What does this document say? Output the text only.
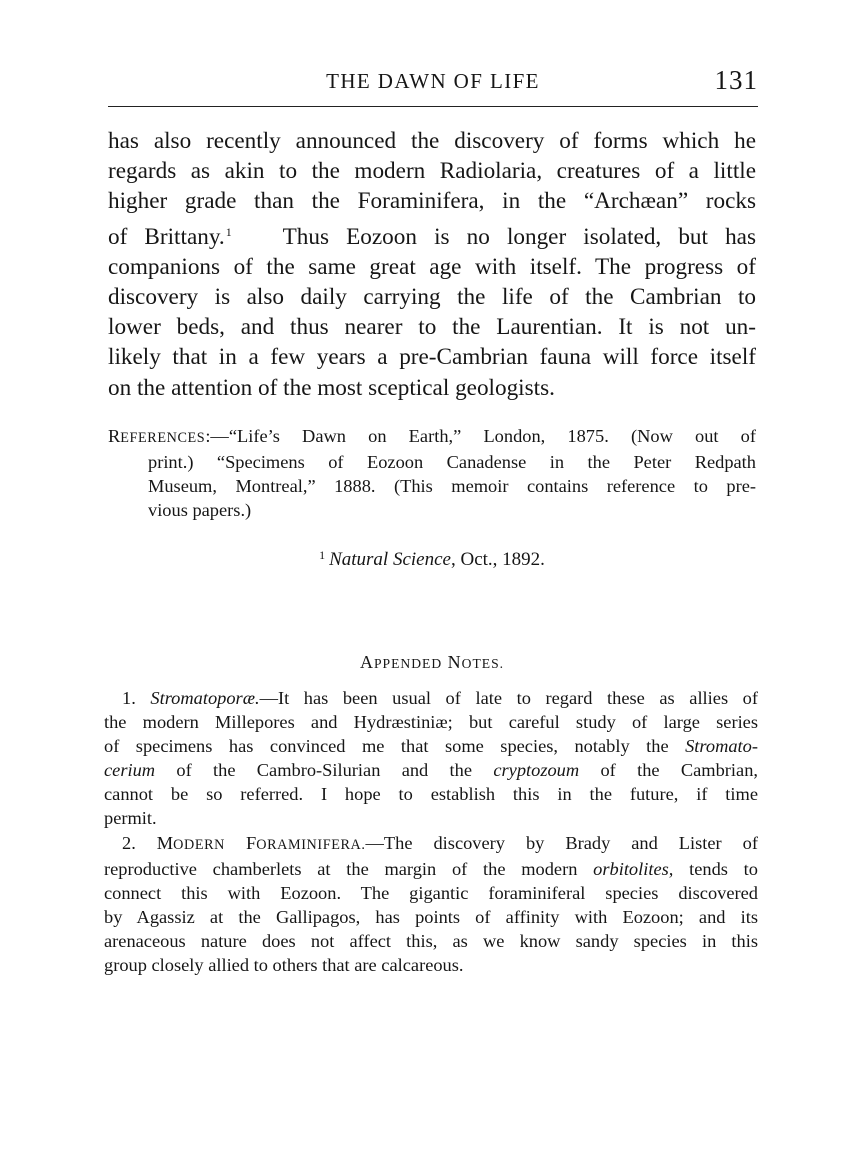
THE DAWN OF LIFE	131
has also recently announced the discovery of forms which he
regards as akin to the modern Radiolaria, creatures of a little
higher grade than the Foraminifera, in the “Archæan” rocks
of Brittany.$^1$ Thus Eozoon is no longer isolated, but has
companions of the same great age with itself. The progress of
discovery is also daily carrying the life of the Cambrian to
lower beds, and thus nearer to the Laurentian. It is not un-
likely that in a few years a pre-Cambrian fauna will force itself
on the attention of the most sceptical geologists.
REFERENCES:—“Life’s Dawn on Earth,” London, 1875. (Now out of
print.) “Specimens of Eozoon Canadense in the Peter Redpath
Museum, Montreal,” 1888. (This memoir contains reference to pre-
vious papers.)
$^1$ Natural Science, Oct., 1892.
APPENDED NOTES.
1. Stromatoporæ.—It has been usual of late to regard these as allies of
the modern Millepores and Hydræstiniæ; but careful study of large series
of specimens has convinced me that some species, notably the Stromato-
cerium of the Cambro-Silurian and the cryptozoum of the Cambrian,
cannot be so referred. I hope to establish this in the future, if time
permit.
2. MODERN FORAMINIFERA.—The discovery by Brady and Lister of
reproductive chamberlets at the margin of the modern orbitolites, tends to
connect this with Eozoon. The gigantic foraminiferal species discovered
by Agassiz at the Gallipagos, has points of affinity with Eozoon; and its
arenaceous nature does not affect this, as we know sandy species in this
group closely allied to others that are calcareous.
